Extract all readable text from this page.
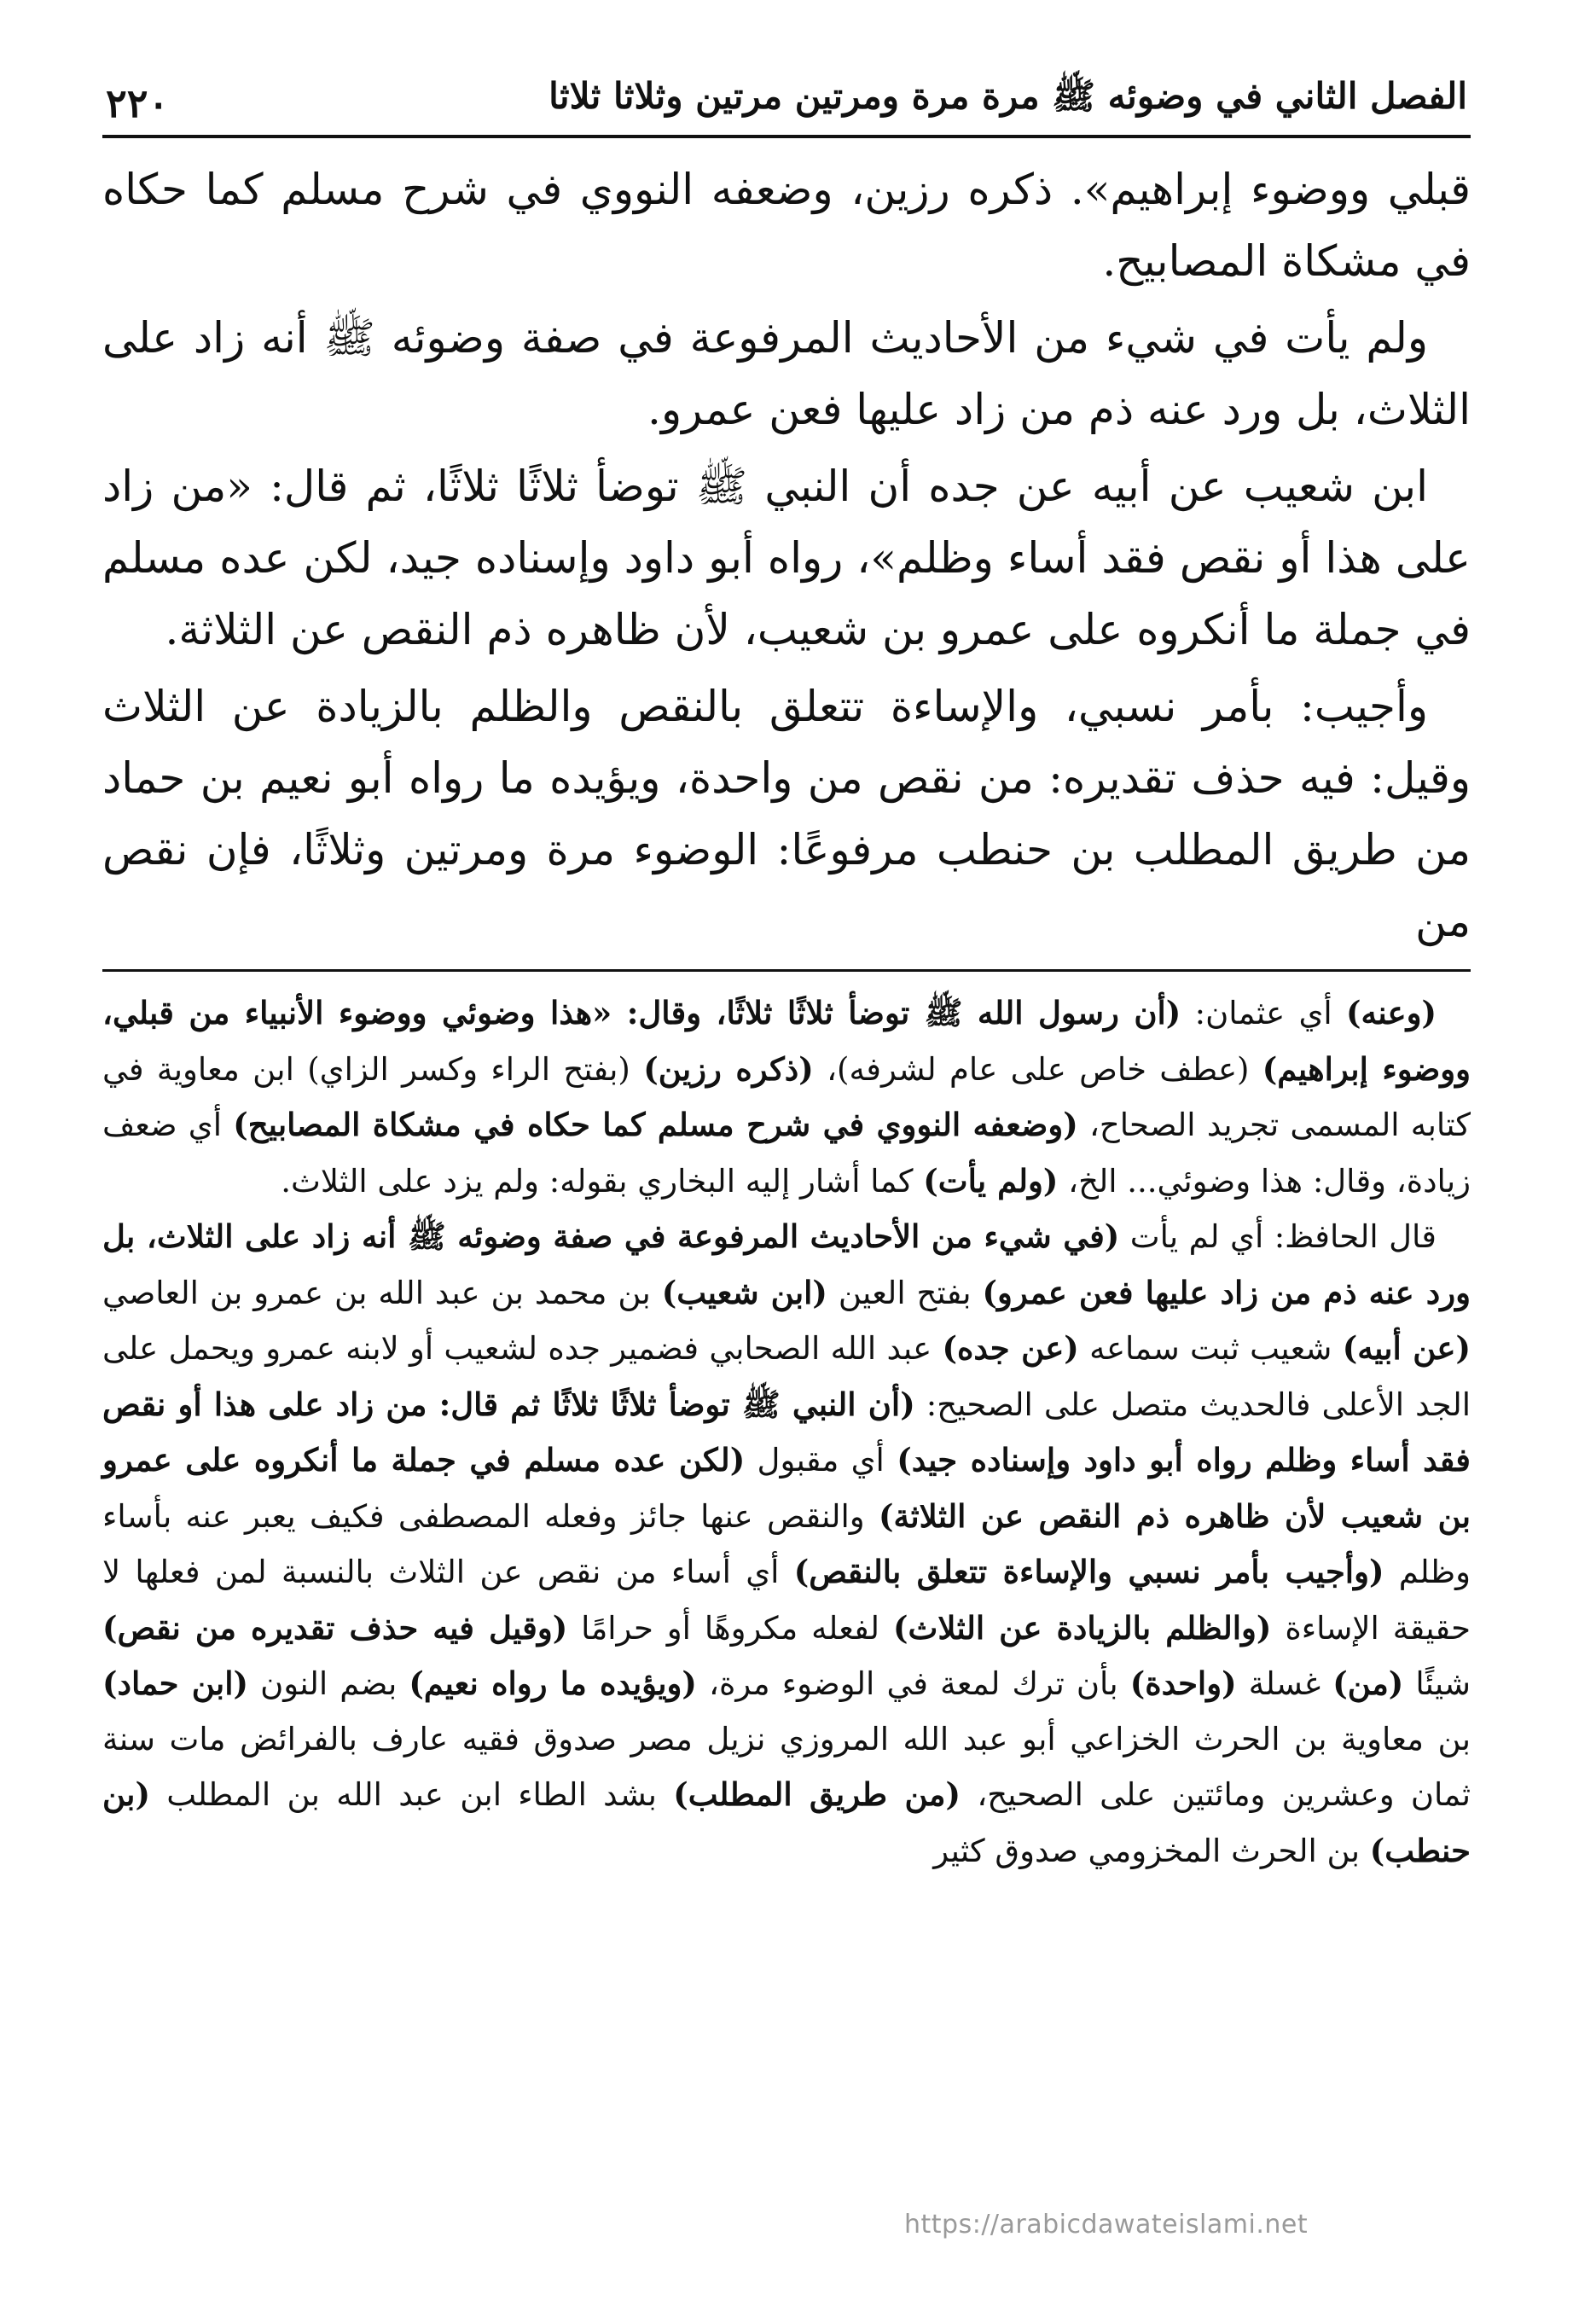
الفصل الثاني في وضوئه ﷺ مرة مرة ومرتين مرتين وثلاثا ثلاثا
٢٢٠

قبلي ووضوء إبراهيم». ذكره رزين، وضعفه النووي في شرح مسلم كما حكاه في مشكاة المصابيح.

ولم يأت في شيء من الأحاديث المرفوعة في صفة وضوئه ﷺ أنه زاد على الثلاث، بل ورد عنه ذم من زاد عليها فعن عمرو.

ابن شعيب عن أبيه عن جده أن النبي ﷺ توضأ ثلاثًا ثلاثًا، ثم قال: «من زاد على هذا أو نقص فقد أساء وظلم»، رواه أبو داود وإسناده جيد، لكن عده مسلم في جملة ما أنكروه على عمرو بن شعيب، لأن ظاهره ذم النقص عن الثلاثة.

وأجيب: بأمر نسبي، والإساءة تتعلق بالنقص والظلم بالزيادة عن الثلاث وقيل: فيه حذف تقديره: من نقص من واحدة، ويؤيده ما رواه أبو نعيم بن حماد من طريق المطلب بن حنطب مرفوعًا: الوضوء مرة ومرتين وثلاثًا، فإن نقص من

(وعنه) أي عثمان: (أن رسول الله ﷺ توضأ ثلاثًا ثلاثًا، وقال: «هذا وضوئي ووضوء الأنبياء من قبلي، ووضوء إبراهيم) (عطف خاص على عام لشرفه)، (ذكره رزين) (بفتح الراء وكسر الزاي) ابن معاوية في كتابه المسمى تجريد الصحاح، (وضعفه النووي في شرح مسلم كما حكاه في مشكاة المصابيح) أي ضعف زيادة، وقال: هذا وضوئي... الخ، (ولم يأت) كما أشار إليه البخاري بقوله: ولم يزد على الثلاث.

قال الحافظ: أي لم يأت (في شيء من الأحاديث المرفوعة في صفة وضوئه ﷺ أنه زاد على الثلاث، بل ورد عنه ذم من زاد عليها فعن عمرو) بفتح العين (ابن شعيب) بن محمد بن عبد الله بن عمرو بن العاصي (عن أبيه) شعيب ثبت سماعه (عن جده) عبد الله الصحابي فضمير جده لشعيب أو لابنه عمرو ويحمل على الجد الأعلى فالحديث متصل على الصحيح: (أن النبي ﷺ توضأ ثلاثًا ثلاثًا ثم قال: من زاد على هذا أو نقص فقد أساء وظلم رواه أبو داود وإسناده جيد) أي مقبول (لكن عده مسلم في جملة ما أنكروه على عمرو بن شعيب لأن ظاهره ذم النقص عن الثلاثة) والنقص عنها جائز وفعله المصطفى فكيف يعبر عنه بأساء وظلم (وأجيب بأمر نسبي والإساءة تتعلق بالنقص) أي أساء من نقص عن الثلاث بالنسبة لمن فعلها لا حقيقة الإساءة (والظلم بالزيادة عن الثلاث) لفعله مكروهًا أو حرامًا (وقيل فيه حذف تقديره من نقص) شيئًا (من) غسلة (واحدة) بأن ترك لمعة في الوضوء مرة، (ويؤيده ما رواه نعيم) بضم النون (ابن حماد) بن معاوية بن الحرث الخزاعي أبو عبد الله المروزي نزيل مصر صدوق فقيه عارف بالفرائض مات سنة ثمان وعشرين ومائتين على الصحيح، (من طريق المطلب) بشد الطاء ابن عبد الله بن المطلب (بن حنطب) بن الحرث المخزومي صدوق كثير

https://arabicdawateislami.net
